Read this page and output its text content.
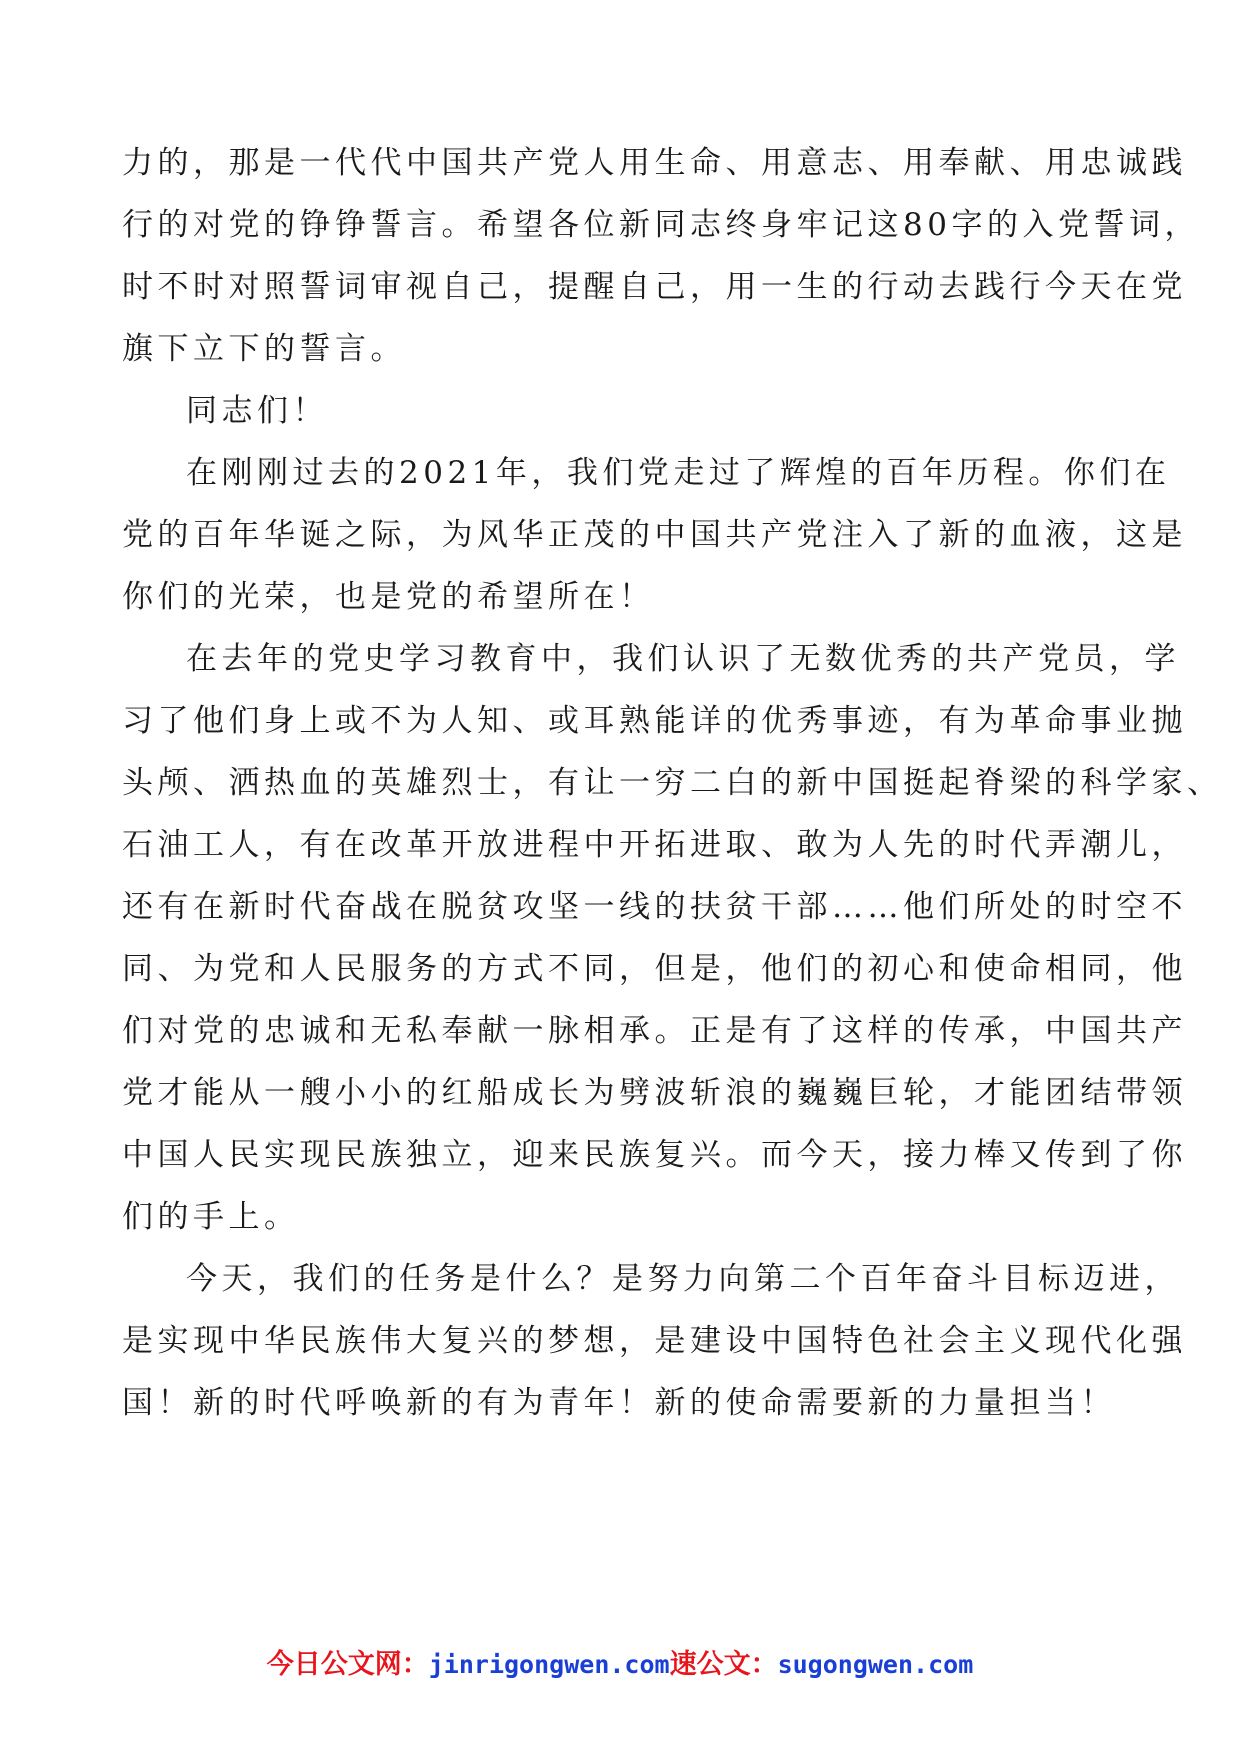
力的，那是一代代中国共产党人用生命、用意志、用奉献、用忠诚践
行的对党的铮铮誓言。希望各位新同志终身牢记这80字的入党誓词，
时不时对照誓词审视自己，提醒自己，用一生的行动去践行今天在党
旗下立下的誓言。
同志们！
在刚刚过去的2021年，我们党走过了辉煌的百年历程。你们在
党的百年华诞之际，为风华正茂的中国共产党注入了新的血液，这是
你们的光荣，也是党的希望所在！
在去年的党史学习教育中，我们认识了无数优秀的共产党员，学
习了他们身上或不为人知、或耳熟能详的优秀事迹，有为革命事业抛
头颅、洒热血的英雄烈士，有让一穷二白的新中国挺起脊梁的科学家、
石油工人，有在改革开放进程中开拓进取、敢为人先的时代弄潮儿，
还有在新时代奋战在脱贫攻坚一线的扶贫干部……他们所处的时空不
同、为党和人民服务的方式不同，但是，他们的初心和使命相同，他
们对党的忠诚和无私奉献一脉相承。正是有了这样的传承，中国共产
党才能从一艘小小的红船成长为劈波斩浪的巍巍巨轮，才能团结带领
中国人民实现民族独立，迎来民族复兴。而今天，接力棒又传到了你
们的手上。
今天，我们的任务是什么？是努力向第二个百年奋斗目标迈进，
是实现中华民族伟大复兴的梦想，是建设中国特色社会主义现代化强
国！新的时代呼唤新的有为青年！新的使命需要新的力量担当！
今日公文网：jinrigongwen.com速公文：sugongwen.com
